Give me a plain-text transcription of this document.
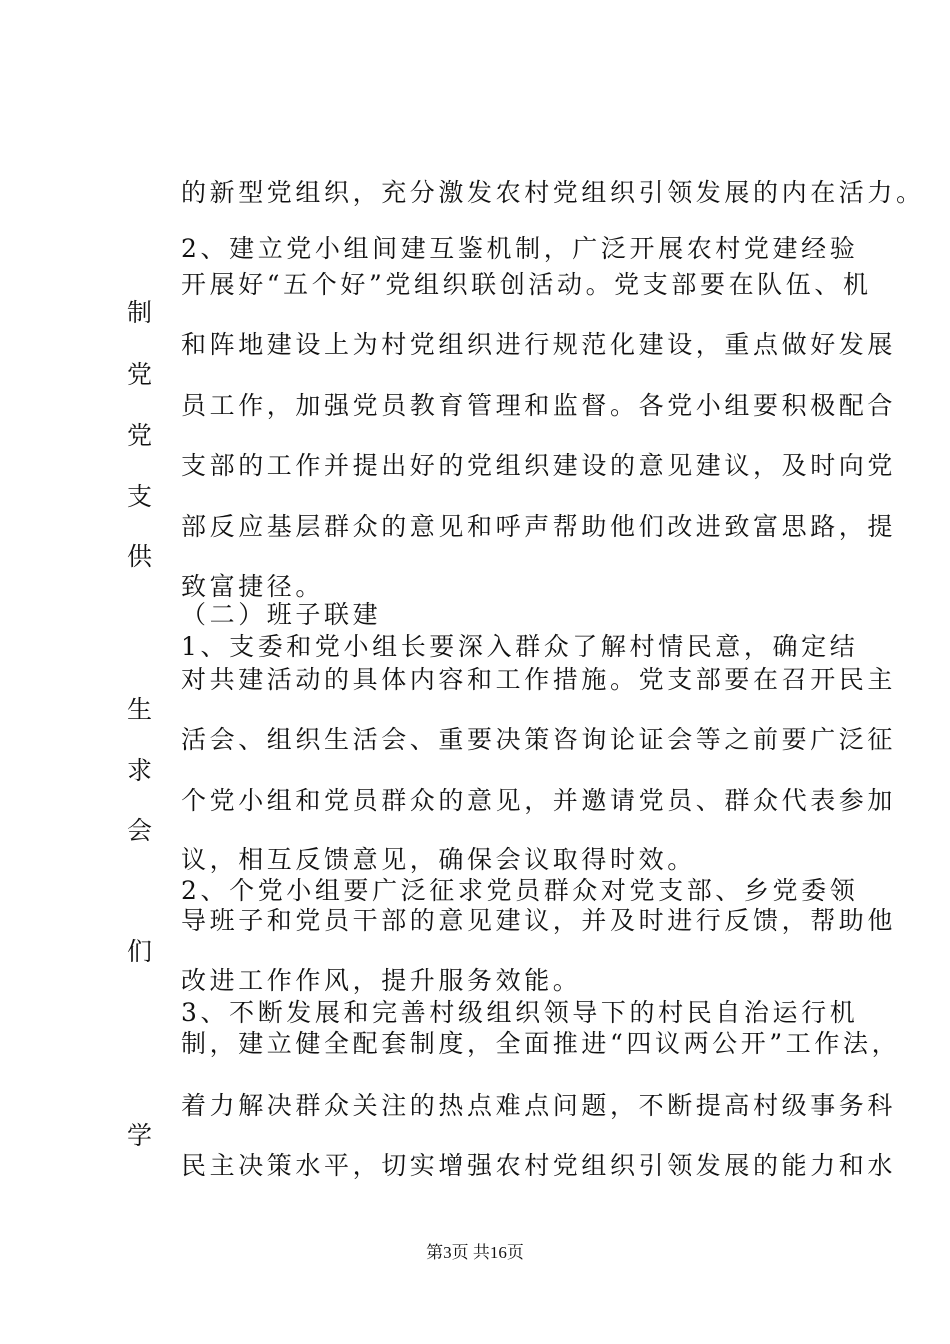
的新型党组织，充分激发农村党组织引领发展的内在活力。
2、建立党小组间建互鉴机制，广泛开展农村党建经验
开展好“五个好”党组织联创活动。党支部要在队伍、机
和阵地建设上为村党组织进行规范化建设，重点做好发展
员工作，加强党员教育管理和监督。各党小组要积极配合
支部的工作并提出好的党组织建设的意见建议，及时向党
部反应基层群众的意见和呼声帮助他们改进致富思路，提
致富捷径。
（二）班子联建
1、支委和党小组长要深入群众了解村情民意，确定结
对共建活动的具体内容和工作措施。党支部要在召开民主
活会、组织生活会、重要决策咨询论证会等之前要广泛征
个党小组和党员群众的意见，并邀请党员、群众代表参加
议，相互反馈意见，确保会议取得时效。
2、个党小组要广泛征求党员群众对党支部、乡党委领
导班子和党员干部的意见建议，并及时进行反馈，帮助他
改进工作作风，提升服务效能。
3、不断发展和完善村级组织领导下的村民自治运行机
制，建立健全配套制度，全面推进“四议两公开”工作法，
着力解决群众关注的热点难点问题，不断提高村级事务科
民主决策水平，切实增强农村党组织引领发展的能力和水
制
党
党
支
供
生
求
会
们
学
第3页 共16页
